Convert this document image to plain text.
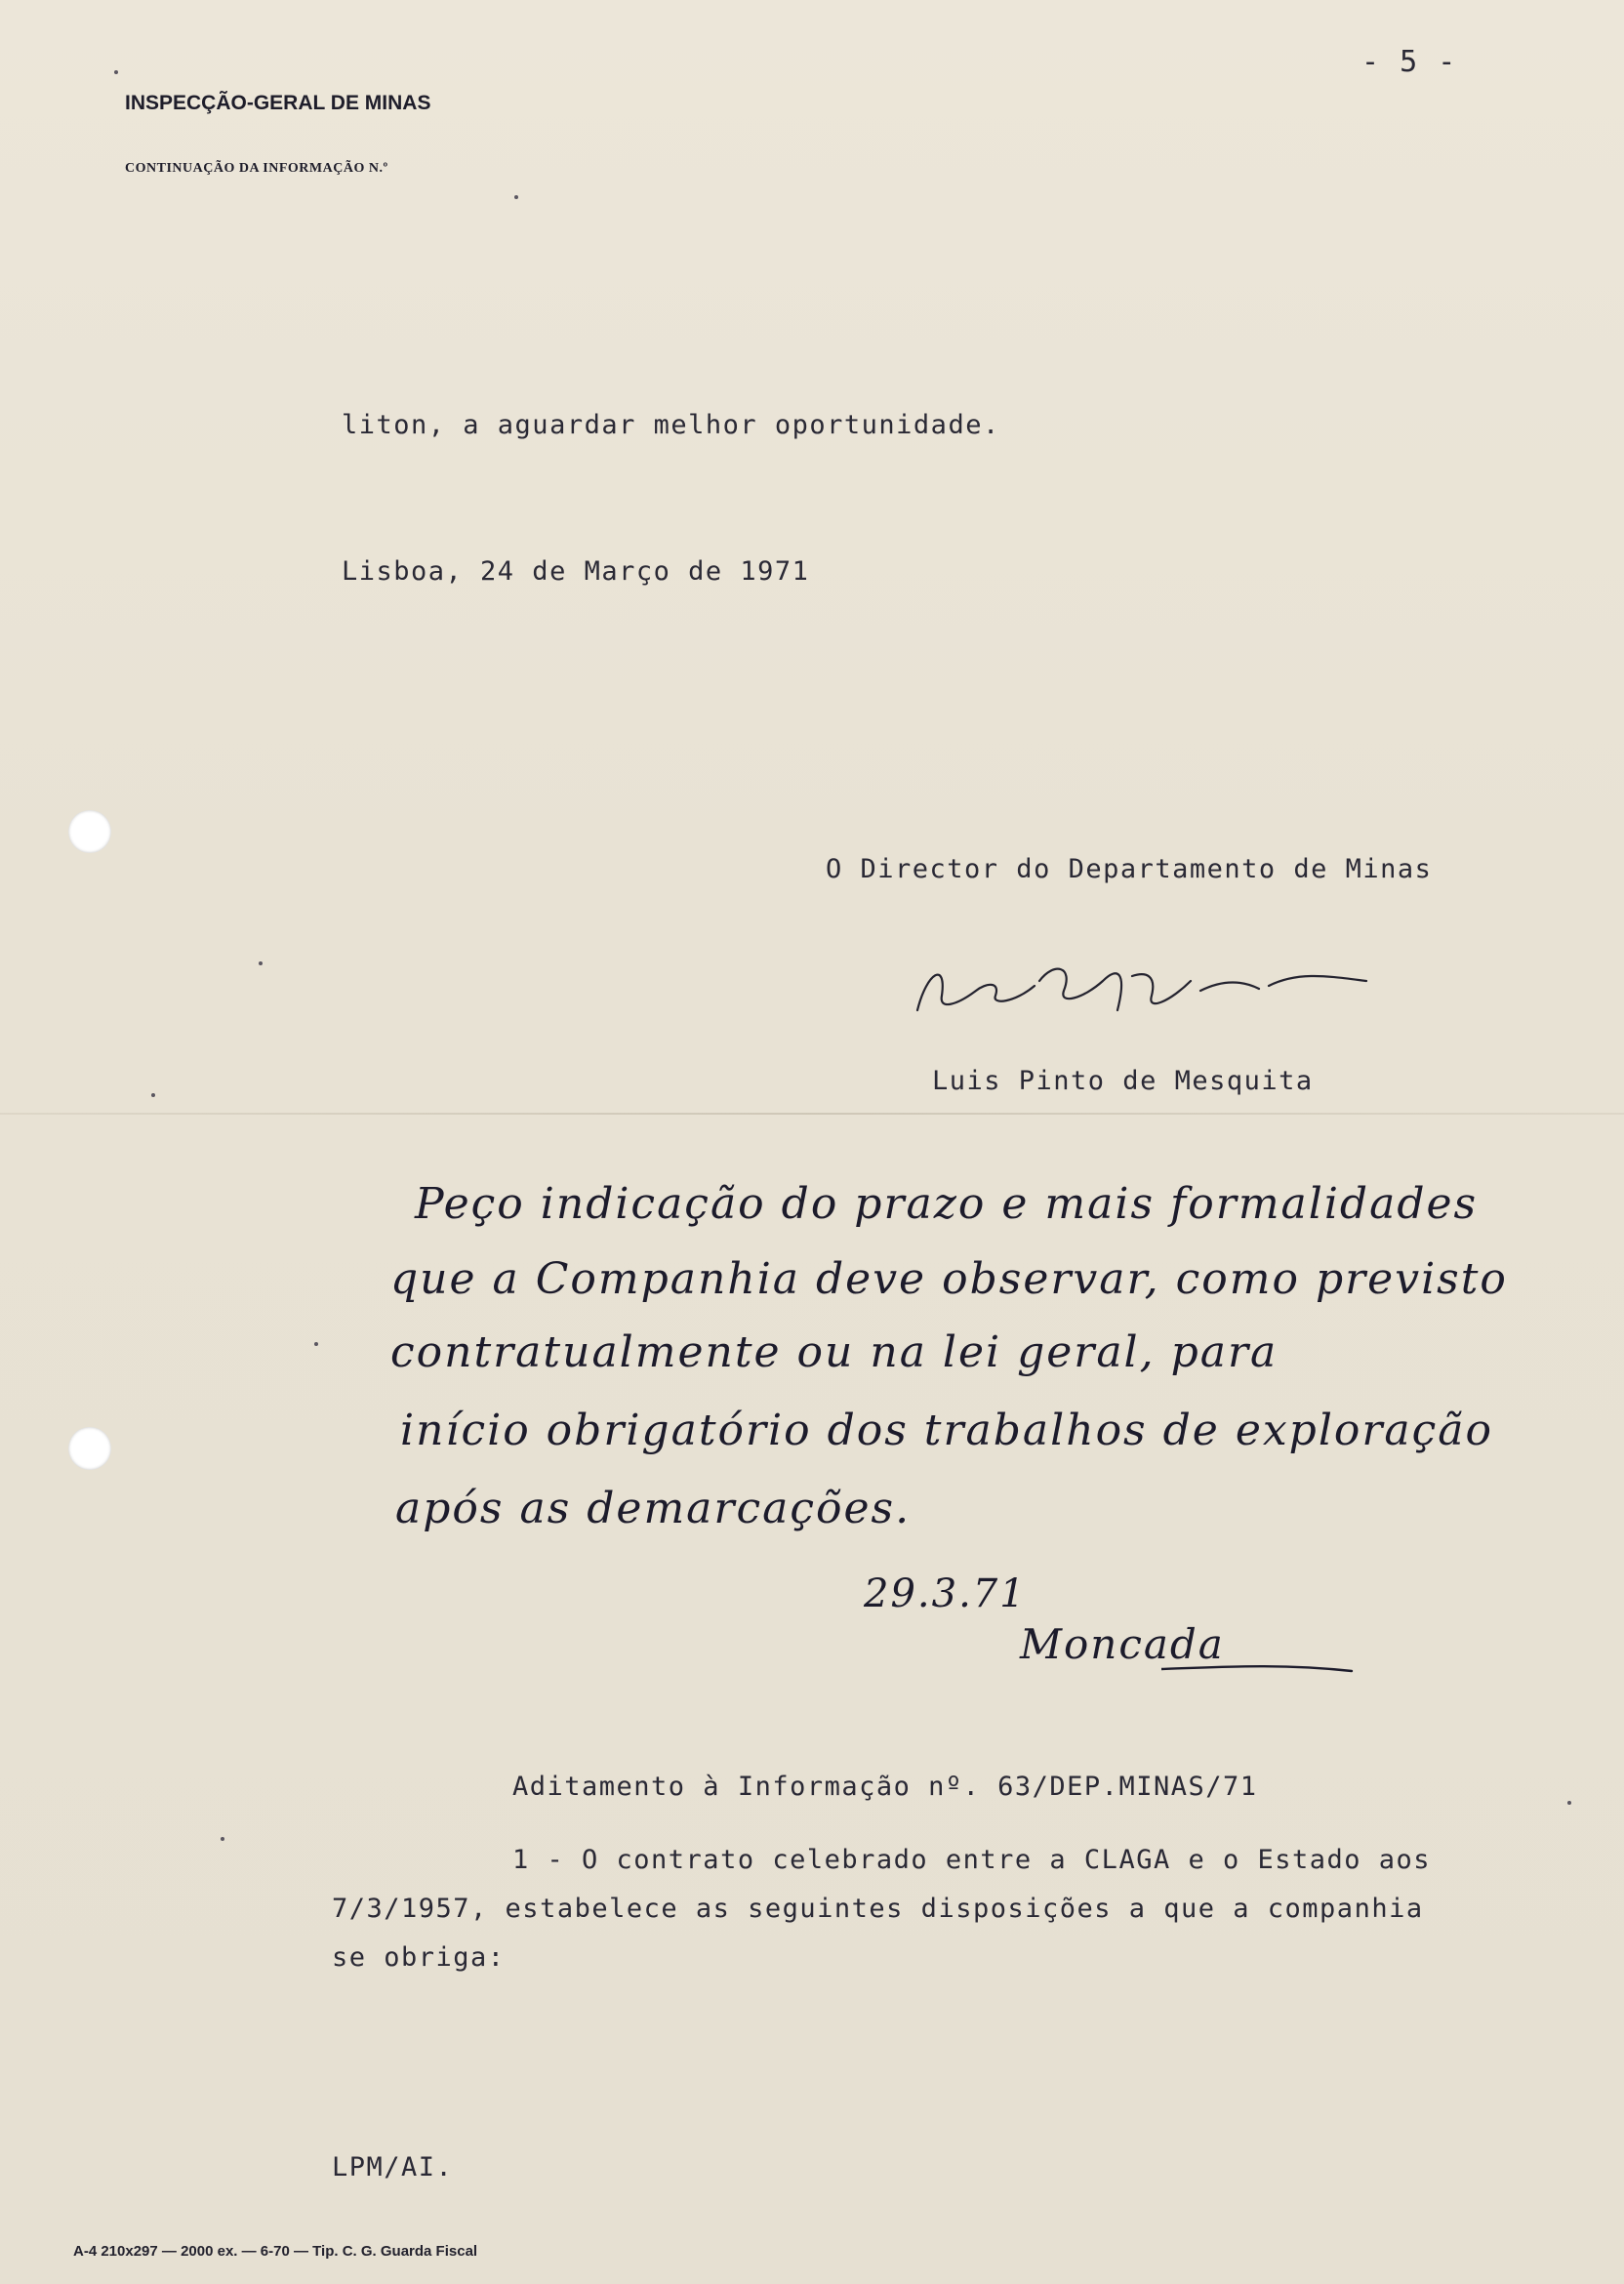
- 5 -
INSPECÇÃO-GERAL DE MINAS
CONTINUAÇÃO DA INFORMAÇÃO N.º
liton, a aguardar melhor oportunidade.
Lisboa, 24 de Março de 1971
O Director do Departamento de Minas
Luis Pinto de Mesquita
Peço indicação do prazo e mais formalidades
que a Companhia deve observar, como previsto
contratualmente ou na lei geral, para
início obrigatório dos trabalhos de exploração
após as demarcações.
29.3.71
Moncada
Aditamento à Informação nº. 63/DEP.MINAS/71
1 - O contrato celebrado entre a CLAGA e o Estado aos
7/3/1957, estabelece as seguintes disposições a que a companhia
se obriga:
LPM/AI.
A-4 210x297 — 2000 ex. — 6-70 — Tip. C. G. Guarda Fiscal
